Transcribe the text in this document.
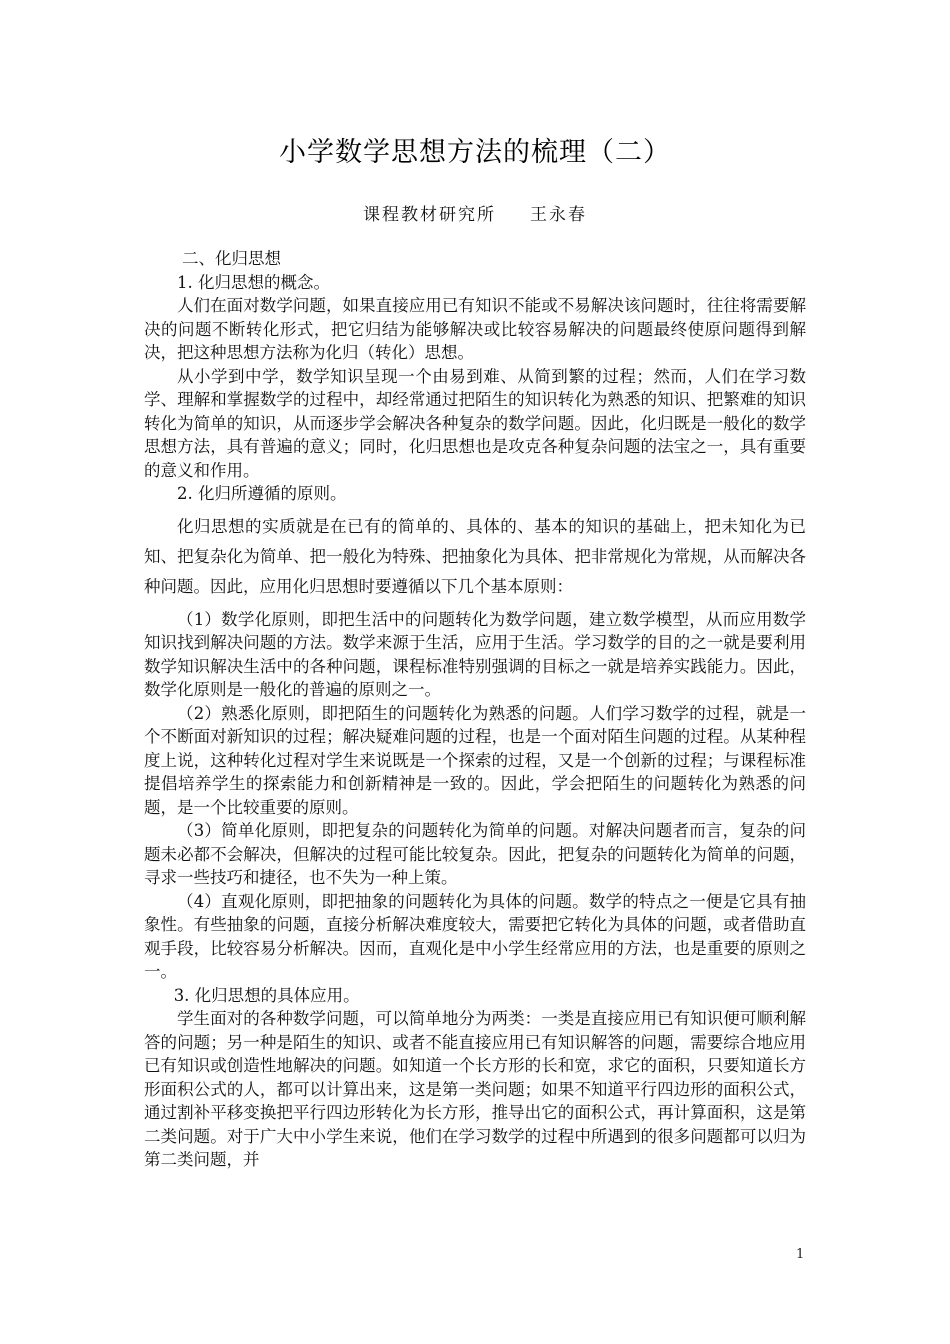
小学数学思想方法的梳理（二）
课程教材研究所 王永春

二、化归思想

1. 化归思想的概念。

人们在面对数学问题，如果直接应用已有知识不能或不易解决该问题时，往往将需要解决的问题不断转化形式，把它归结为能够解决或比较容易解决的问题最终使原问题得到解决，把这种思想方法称为化归（转化）思想。

从小学到中学，数学知识呈现一个由易到难、从简到繁的过程；然而，人们在学习数学、理解和掌握数学的过程中，却经常通过把陌生的知识转化为熟悉的知识、把繁难的知识转化为简单的知识，从而逐步学会解决各种复杂的数学问题。因此，化归既是一般化的数学思想方法，具有普遍的意义；同时，化归思想也是攻克各种复杂问题的法宝之一，具有重要的意义和作用。

2. 化归所遵循的原则。

化归思想的实质就是在已有的简单的、具体的、基本的知识的基础上，把未知化为已知、把复杂化为简单、把一般化为特殊、把抽象化为具体、把非常规化为常规，从而解决各种问题。因此，应用化归思想时要遵循以下几个基本原则：

（1）数学化原则，即把生活中的问题转化为数学问题，建立数学模型，从而应用数学知识找到解决问题的方法。数学来源于生活，应用于生活。学习数学的目的之一就是要利用数学知识解决生活中的各种问题，课程标准特别强调的目标之一就是培养实践能力。因此，数学化原则是一般化的普遍的原则之一。

（2）熟悉化原则，即把陌生的问题转化为熟悉的问题。人们学习数学的过程，就是一个不断面对新知识的过程；解决疑难问题的过程，也是一个面对陌生问题的过程。从某种程度上说，这种转化过程对学生来说既是一个探索的过程，又是一个创新的过程；与课程标准提倡培养学生的探索能力和创新精神是一致的。因此，学会把陌生的问题转化为熟悉的问题，是一个比较重要的原则。

（3）简单化原则，即把复杂的问题转化为简单的问题。对解决问题者而言，复杂的问题未必都不会解决，但解决的过程可能比较复杂。因此，把复杂的问题转化为简单的问题，寻求一些技巧和捷径，也不失为一种上策。

（4）直观化原则，即把抽象的问题转化为具体的问题。数学的特点之一便是它具有抽象性。有些抽象的问题，直接分析解决难度较大，需要把它转化为具体的问题，或者借助直观手段，比较容易分析解决。因而，直观化是中小学生经常应用的方法，也是重要的原则之一。

3. 化归思想的具体应用。

学生面对的各种数学问题，可以简单地分为两类：一类是直接应用已有知识便可顺利解答的问题；另一种是陌生的知识、或者不能直接应用已有知识解答的问题，需要综合地应用已有知识或创造性地解决的问题。如知道一个长方形的长和宽，求它的面积，只要知道长方形面积公式的人，都可以计算出来，这是第一类问题；如果不知道平行四边形的面积公式，通过割补平移变换把平行四边形转化为长方形，推导出它的面积公式，再计算面积，这是第二类问题。对于广大中小学生来说，他们在学习数学的过程中所遇到的很多问题都可以归为第二类问题，并

1
